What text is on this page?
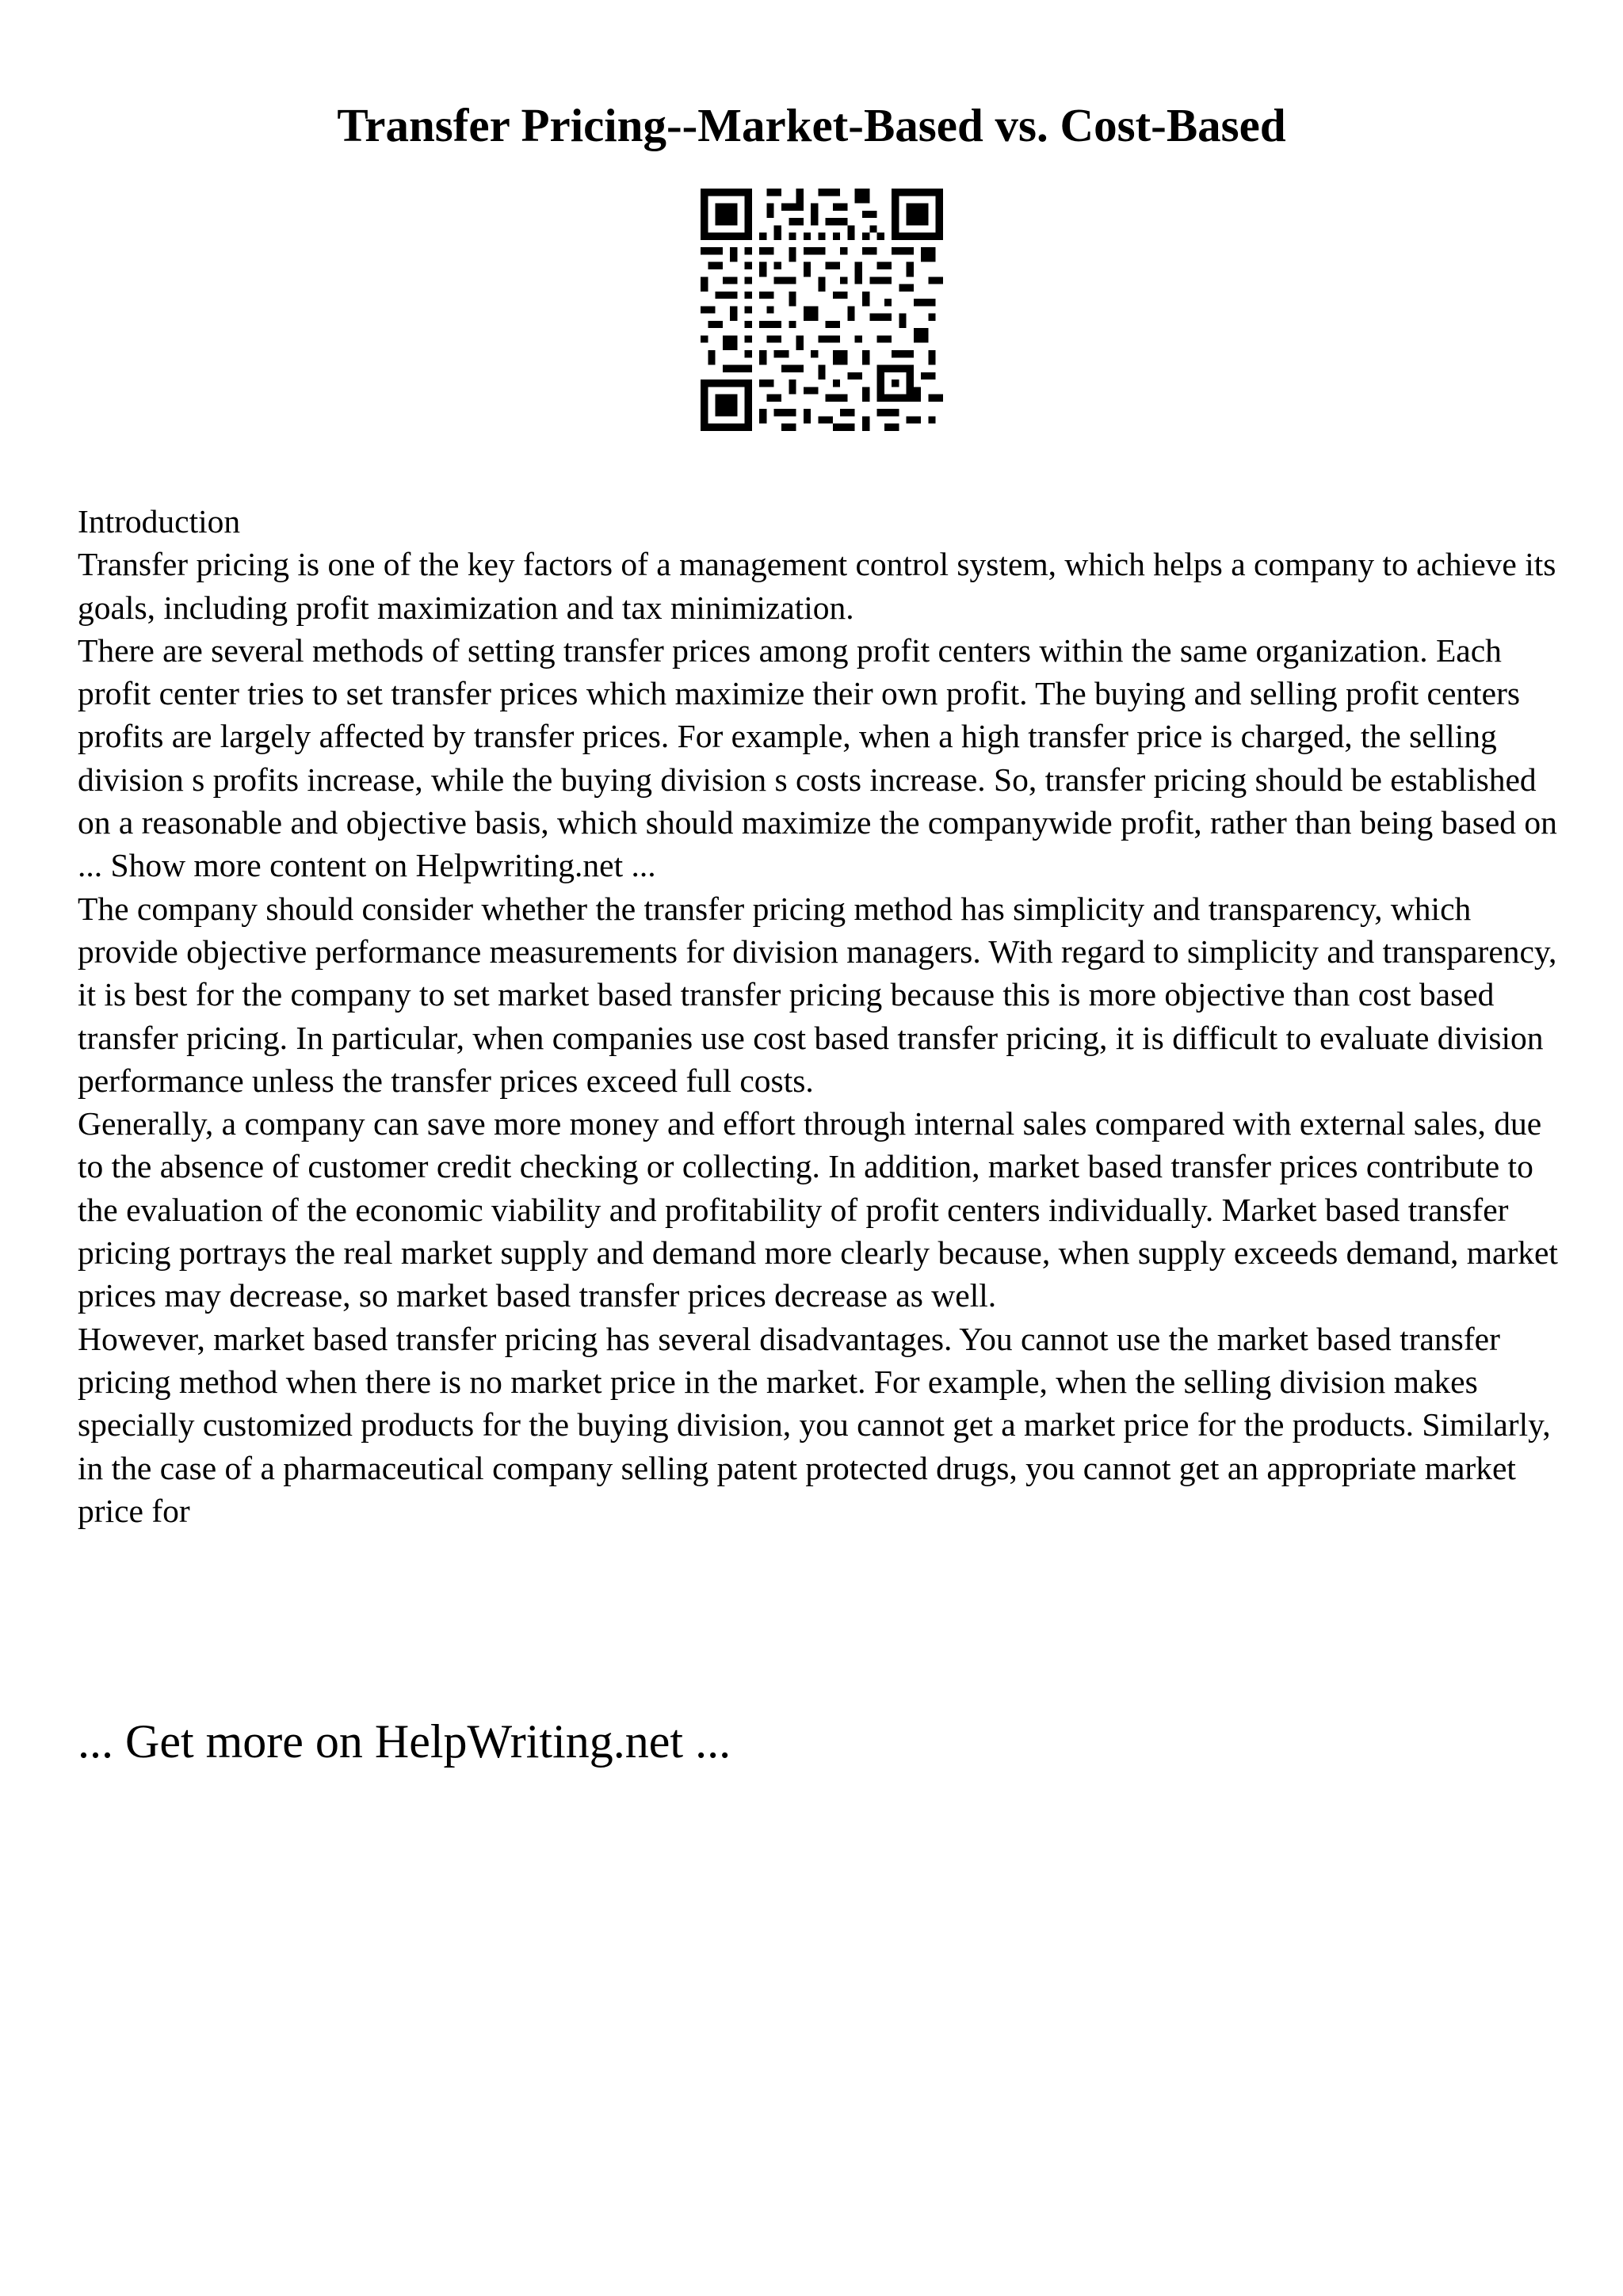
Transfer Pricing--Market-Based vs. Cost-Based

Introduction

Transfer pricing is one of the key factors of a management control system, which helps a company to achieve its goals, including profit maximization and tax minimization.

There are several methods of setting transfer prices among profit centers within the same organization. Each profit center tries to set transfer prices which maximize their own profit. The buying and selling profit centers profits are largely affected by transfer prices. For example, when a high transfer price is charged, the selling division s profits increase, while the buying division s costs increase. So, transfer pricing should be established on a reasonable and objective basis, which should maximize the companywide profit, rather than being based on ... Show more content on Helpwriting.net ...

The company should consider whether the transfer pricing method has simplicity and transparency, which provide objective performance measurements for division managers. With regard to simplicity and transparency, it is best for the company to set market based transfer pricing because this is more objective than cost based transfer pricing. In particular, when companies use cost based transfer pricing, it is difficult to evaluate division performance unless the transfer prices exceed full costs.

Generally, a company can save more money and effort through internal sales compared with external sales, due to the absence of customer credit checking or collecting. In addition, market based transfer prices contribute to the evaluation of the economic viability and profitability of profit centers individually. Market based transfer pricing portrays the real market supply and demand more clearly because, when supply exceeds demand, market prices may decrease, so market based transfer prices decrease as well.

However, market based transfer pricing has several disadvantages. You cannot use the market based transfer pricing method when there is no market price in the market. For example, when the selling division makes specially customized products for the buying division, you cannot get a market price for the products. Similarly, in the case of a pharmaceutical company selling patent protected drugs, you cannot get an appropriate market price for

... Get more on HelpWriting.net ...
